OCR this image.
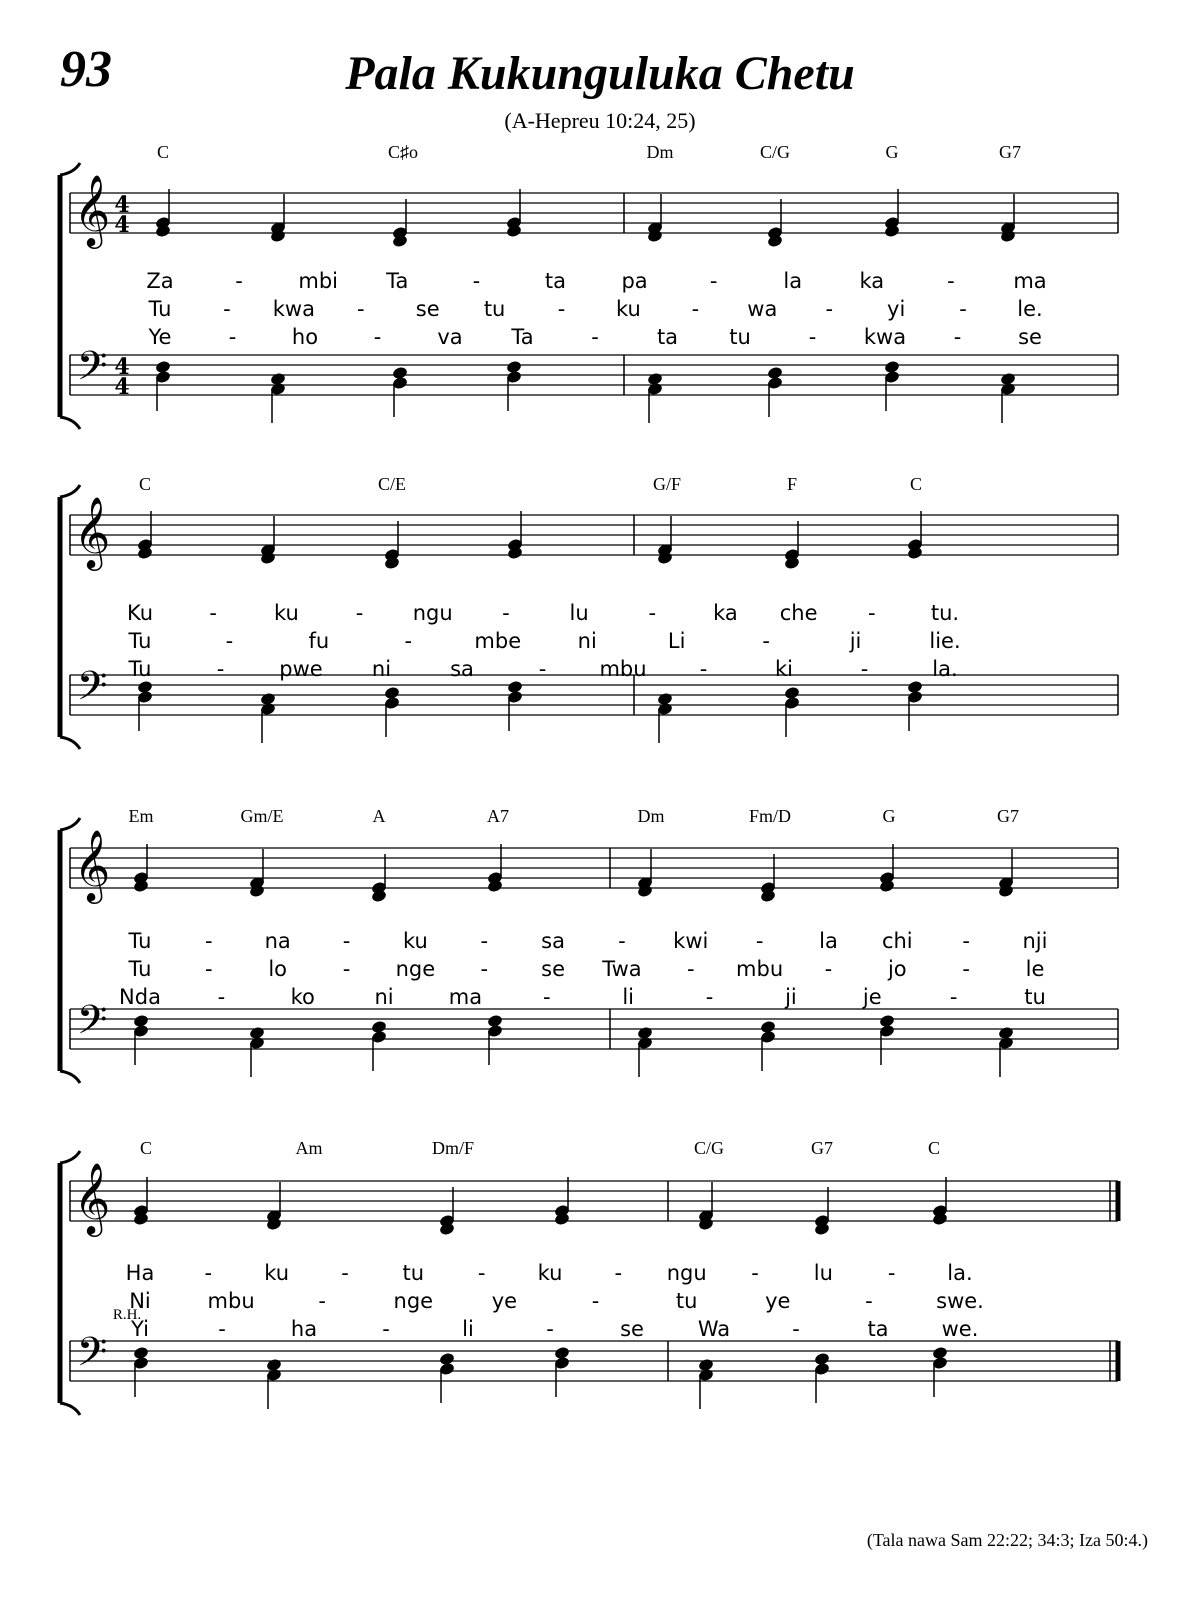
93	Pala Kukunguluka Chetu
(A-Hepreu 10:24, 25)
𝄞
𝄢
4
4
4
4
C	C♯o	Dm	C/G	G	G7
Za	-	mbi Ta	-	ta	pa	-	la	ka	-	ma
Tu - kwa - se tu - ku - wa -	yi	- le.
Ye	-	ho	-	va Ta	-	ta tu	- kwa -	se
𝄞
𝄢
C	C/E	G/F	F	C
Ku	-	ku	- ngu -	lu	-	ka che -	tu.
Tu	-	fu	-	mbe	ni	Li	-	ji	lie.
Tu	-	pwe ni	sa	-	mbu	-	ki	-	la.
𝄞
𝄢
Em	Gm/E	A	A7	Dm	Fm/D	G	G7
Tu	- na -	ku	-	sa	- kwi -	la chi -	nji
Tu	-	lo	- nge -	se Twa - mbu -	jo	-	le
Nda	-	ko	ni	ma	-	li	-	ji	je	-	tu
𝄞
𝄢
C	Am	Dm/F	C/G	G7	C
Ha - ku -	tu	- ku - ngu -	lu	- la.
Ni	mbu	-	nge	ye	-	tu	ye	-	swe.
Yi	-	ha	-	li	-	se	Wa	-	ta	we.
R.H.
(Tala nawa Sam 22:22; 34:3; Iza 50:4.)
